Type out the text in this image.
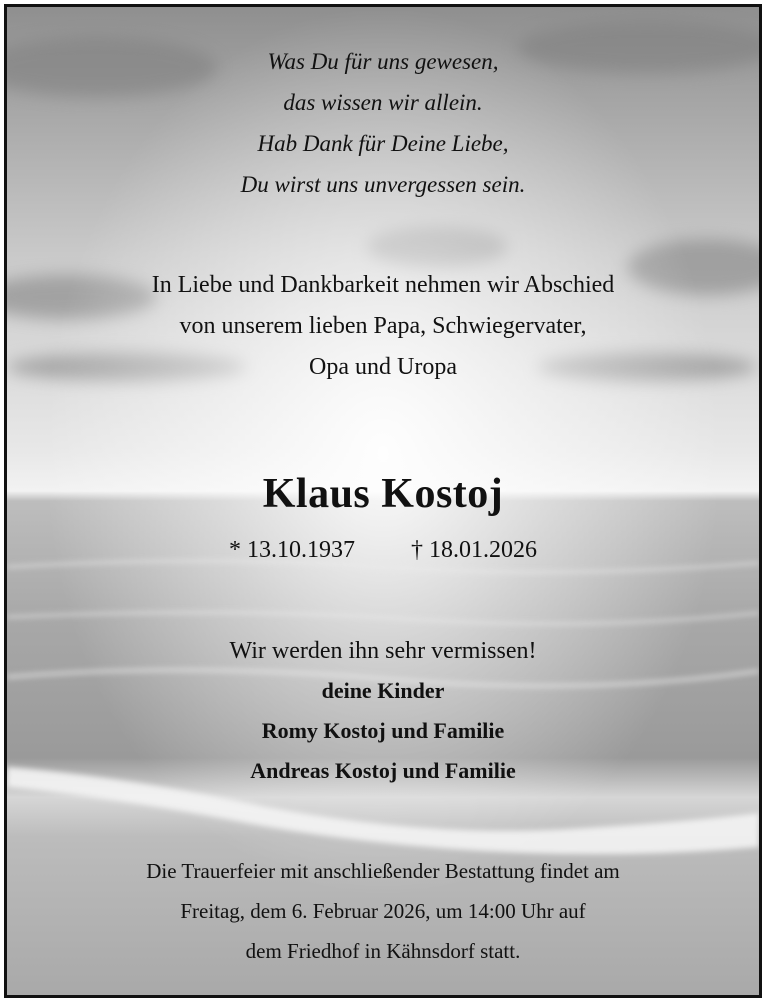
Was Du für uns gewesen,
das wissen wir allein.
Hab Dank für Deine Liebe,
Du wirst uns unvergessen sein.
In Liebe und Dankbarkeit nehmen wir Abschied
von unserem lieben Papa, Schwiegervater,
Opa und Uropa
Klaus Kostoj
* 13.10.1937 † 18.01.2026
Wir werden ihn sehr vermissen!
deine Kinder
Romy Kostoj und Familie
Andreas Kostoj und Familie
Die Trauerfeier mit anschließender Bestattung findet am
Freitag, dem 6. Februar 2026, um 14:00 Uhr auf
dem Friedhof in Kähnsdorf statt.
